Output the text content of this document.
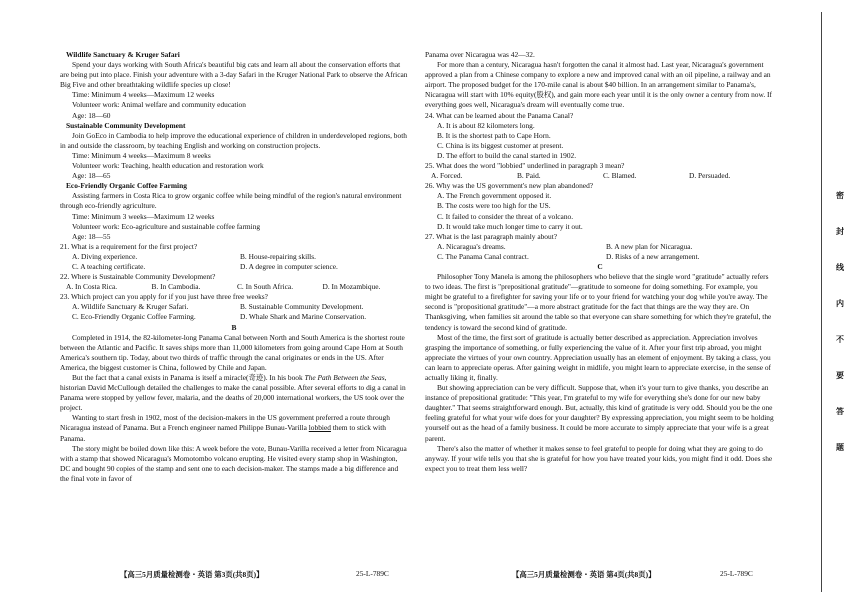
Wildlife Sanctuary & Kruger Safari

Spend your days working with South Africa's beautiful big cats and learn all about the conservation efforts that are being put into place. Finish your adventure with a 3-day Safari in the Kruger National Park to observe the African Big Five and other breathtaking wildlife species up close!

Time: Minimum 4 weeks—Maximum 12 weeks

Volunteer work: Animal welfare and community education

Age: 18—60

Sustainable Community Development

Join GoEco in Cambodia to help improve the educational experience of children in underdeveloped regions, both in and outside the classroom, by teaching English and working on construction projects.

Time: Minimum 4 weeks—Maximum 8 weeks

Volunteer work: Teaching, health education and restoration work

Age: 18—65

Eco-Friendly Organic Coffee Farming

Assisting farmers in Costa Rica to grow organic coffee while being mindful of the region's natural environment through eco-friendly agriculture.

Time: Minimum 3 weeks—Maximum 12 weeks

Volunteer work: Eco-agriculture and sustainable coffee farming

Age: 18—55

21. What is a requirement for the first project?

A. Diving experience.	B. House-repairing skills.
C. A teaching certificate.	D. A degree in computer science.

22. Where is Sustainable Community Development?

A. In Costa Rica.	B. In Cambodia.	C. In South Africa.	D. In Mozambique.

23. Which project can you apply for if you just have three free weeks?

A. Wildlife Sanctuary & Kruger Safari.	B. Sustainable Community Development.
C. Eco-Friendly Organic Coffee Farming.	D. Whale Shark and Marine Conservation.

B

Completed in 1914, the 82-kilometer-long Panama Canal between North and South America is the shortest route between the Atlantic and Pacific. It saves ships more than 11,000 kilometers from going around Cape Horn at South America's southern tip. Today, about two thirds of traffic through the canal originates or ends in the US. After America, the biggest customer is China, followed by Chile and Japan.

But the fact that a canal exists in Panama is itself a miracle(奇迹). In his book The Path Between the Seas, historian David McCullough detailed the challenges to make the canal possible. After several efforts to dig a canal in Panama were stopped by yellow fever, malaria, and the deaths of 20,000 international workers, the US took over the project.

Wanting to start fresh in 1902, most of the decision-makers in the US government preferred a route through Nicaragua instead of Panama. But a French engineer named Philippe Bunau-Varilla lobbied them to stick with Panama.

The story might be boiled down like this: A week before the vote, Bunau-Varilla received a letter from Nicaragua with a stamp that showed Nicaragua's Momotombo volcano erupting. He visited every stamp shop in Washington, DC and bought 90 copies of the stamp and sent one to each decision-maker. The stamps made a big difference and the final vote in favor of

【高三5月质量检测卷・英语 第3页(共8页)】	25-L-789C

Panama over Nicaragua was 42—32.

For more than a century, Nicaragua hasn't forgotten the canal it almost had. Last year, Nicaragua's government approved a plan from a Chinese company to explore a new and improved canal with an oil pipeline, a railway and an airport. The proposed budget for the 170-mile canal is about $40 billion. In an arrangement similar to Panama's, Nicaragua will start with 10% equity(股权), and gain more each year until it is the only owner a century from now. If everything goes well, Nicaragua's dream will eventually come true.

24. What can be learned about the Panama Canal?

A. It is about 82 kilometers long.

B. It is the shortest path to Cape Horn.

C. China is its biggest customer at present.

D. The effort to build the canal started in 1902.

25. What does the word "lobbied" underlined in paragraph 3 mean?

A. Forced.	B. Paid.	C. Blamed.	D. Persuaded.

26. Why was the US government's new plan abandoned?

A. The French government opposed it.

B. The costs were too high for the US.

C. It failed to consider the threat of a volcano.

D. It would take much longer time to carry it out.

27. What is the last paragraph mainly about?

A. Nicaragua's dreams.	B. A new plan for Nicaragua.
C. The Panama Canal contract.	D. Risks of a new arrangement.

C

Philosopher Tony Manela is among the philosophers who believe that the single word "gratitude" actually refers to two ideas. The first is "prepositional gratitude"—gratitude to someone for doing something. For example, you might be grateful to a firefighter for saving your life or to your friend for watching your dog while you're away. The second is "propositional gratitude"—a more abstract gratitude for the fact that things are the way they are. On Thanksgiving, when families sit around the table so that everyone can share something for which they're grateful, the tendency is toward the second kind of gratitude.

Most of the time, the first sort of gratitude is actually better described as appreciation. Appreciation involves grasping the importance of something, or fully experiencing the value of it. After your first trip abroad, you might appreciate the virtues of your own country. Appreciation usually has an element of enjoyment. By taking a class, you can learn to appreciate operas. After gaining weight in midlife, you might learn to appreciate exercise, in the sense of actually liking it, finally.

But showing appreciation can be very difficult. Suppose that, when it's your turn to give thanks, you describe an instance of prepositional gratitude: "This year, I'm grateful to my wife for everything she's done for our new baby daughter." That seems straightforward enough. But, actually, this kind of gratitude is very odd. Should you be the one feeling grateful for what your wife does for your daughter? By expressing appreciation, you might seem to be holding yourself out as the head of a family business. It could be more accurate to simply appreciate that your wife is a great parent.

There's also the matter of whether it makes sense to feel grateful to people for doing what they are going to do anyway. If your wife tells you that she is grateful for how you have treated your kids, you might find it odd. Does she expect you to treat them less well?

【高三5月质量检测卷・英语 第4页(共8页)】	25-L-789C
密
封
线
内
不
要
答
题
